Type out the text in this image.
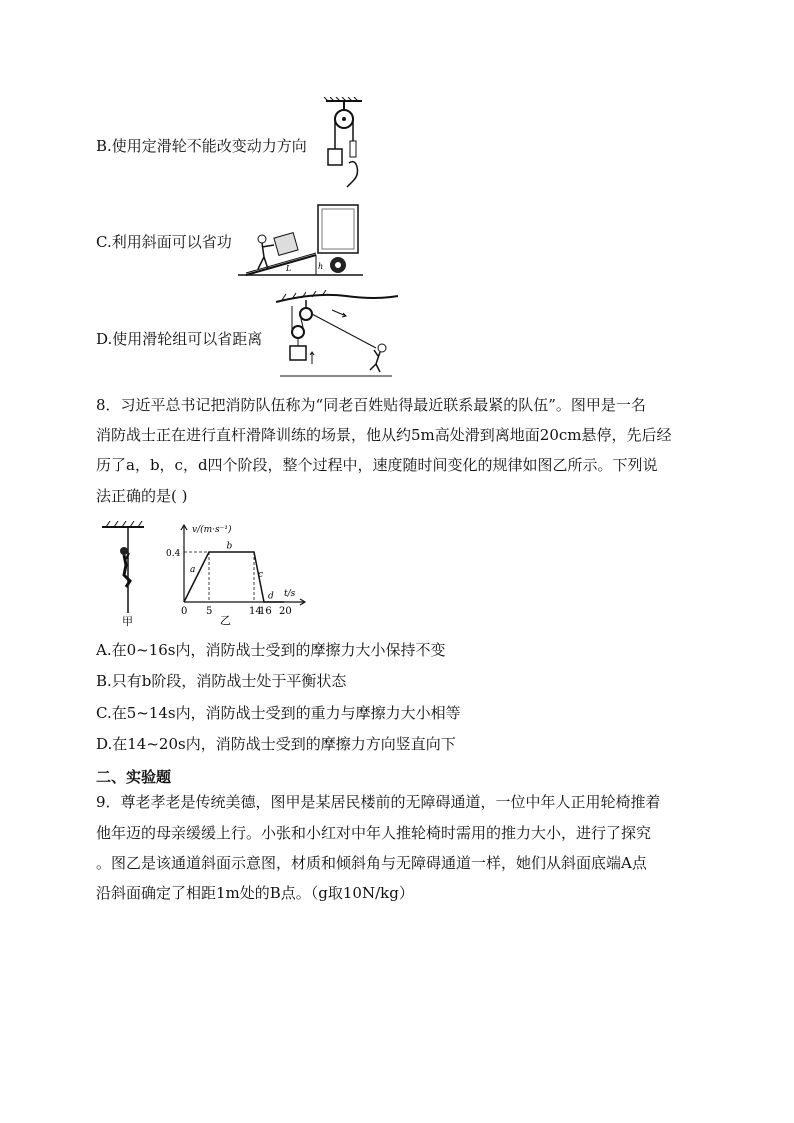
B.使用定滑轮不能改变动力方向
C.利用斜面可以省功
h
L
D.使用滑轮组可以省距离
8．习近平总书记把消防队伍称为“同老百姓贴得最近联系最紧的队伍”。图甲是一名
消防战士正在进行直杆滑降训练的场景，他从约5m高处滑到离地面20cm悬停，先后经
历了a，b，c，d四个阶段，整个过程中，速度随时间变化的规律如图乙所示。下列说
法正确的是( )
甲
v/(m·s⁻¹)
t/s
0.4
0 5	14
16 20
a
b
c
d
乙
A.在0~16s内，消防战士受到的摩擦力大小保持不变
B.只有b阶段，消防战士处于平衡状态
C.在5~14s内，消防战士受到的重力与摩擦力大小相等
D.在14~20s内，消防战士受到的摩擦力方向竖直向下
二、实验题
9．尊老孝老是传统美德，图甲是某居民楼前的无障碍通道，一位中年人正用轮椅推着
他年迈的母亲缓缓上行。小张和小红对中年人推轮椅时需用的推力大小，进行了探究
。图乙是该通道斜面示意图，材质和倾斜角与无障碍通道一样，她们从斜面底端A点
沿斜面确定了相距1m处的B点。（g取10N/kg）
